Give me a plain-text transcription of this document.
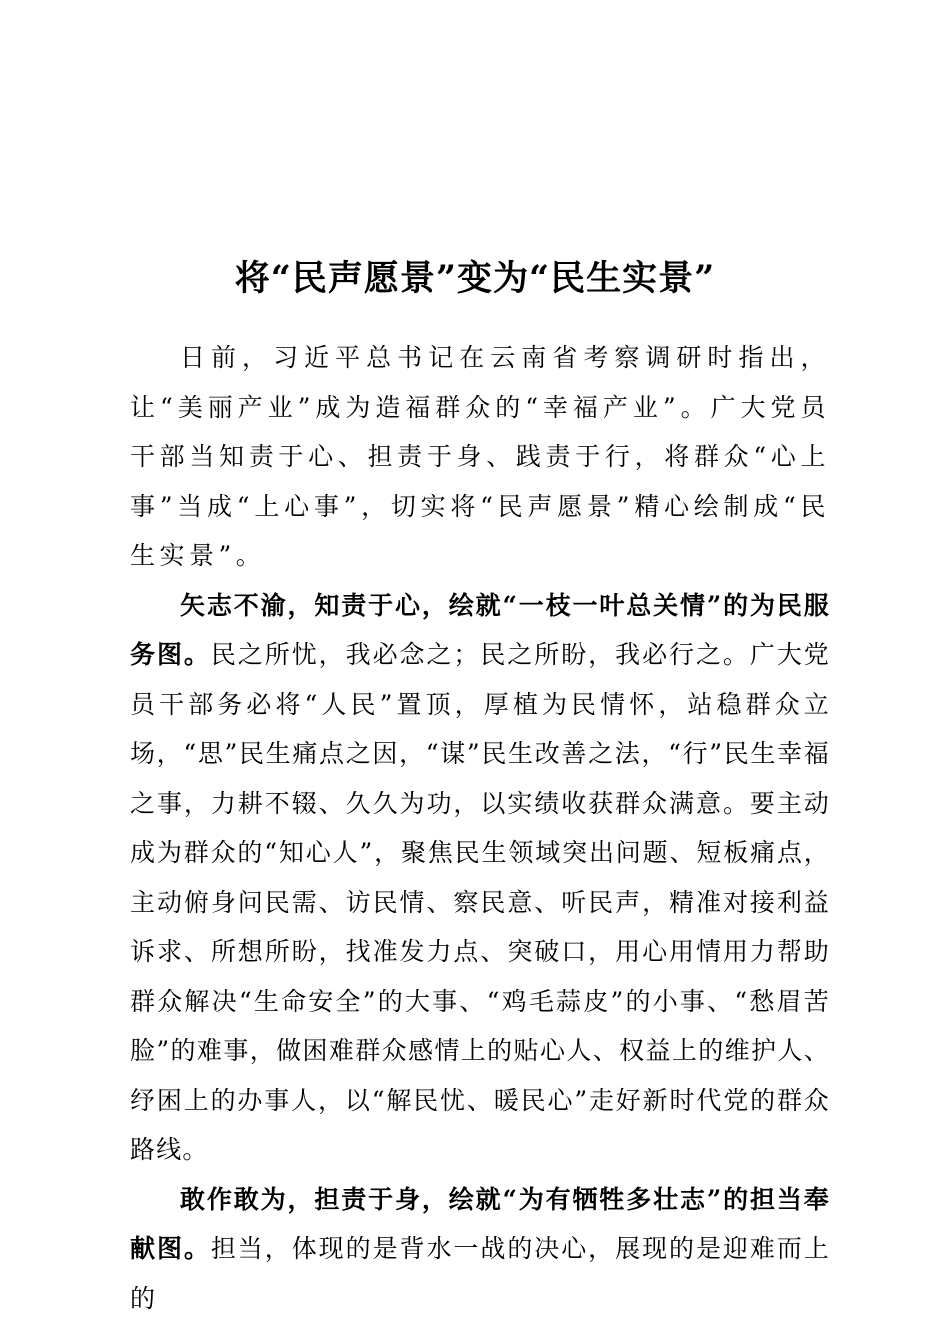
将“民声愿景”变为“民生实景”

日前，习近平总书记在云南省考察调研时指出，让“美丽产业”成为造福群众的“幸福产业”。广大党员干部当知责于心、担责于身、践责于行，将群众“心上事”当成“上心事”，切实将“民声愿景”精心绘制成“民生实景”。

矢志不渝，知责于心，绘就“一枝一叶总关情”的为民服务图。民之所忧，我必念之；民之所盼，我必行之。广大党员干部务必将“人民”置顶，厚植为民情怀，站稳群众立场，“思”民生痛点之因，“谋”民生改善之法，“行”民生幸福之事，力耕不辍、久久为功，以实绩收获群众满意。要主动成为群众的“知心人”，聚焦民生领域突出问题、短板痛点，主动俯身问民需、访民情、察民意、听民声，精准对接利益诉求、所想所盼，找准发力点、突破口，用心用情用力帮助群众解决“生命安全”的大事、“鸡毛蒜皮”的小事、“愁眉苦脸”的难事，做困难群众感情上的贴心人、权益上的维护人、纾困上的办事人，以“解民忧、暖民心”走好新时代党的群众路线。

敢作敢为，担责于身，绘就“为有牺牲多壮志”的担当奉献图。担当，体现的是背水一战的决心，展现的是迎难而上的
